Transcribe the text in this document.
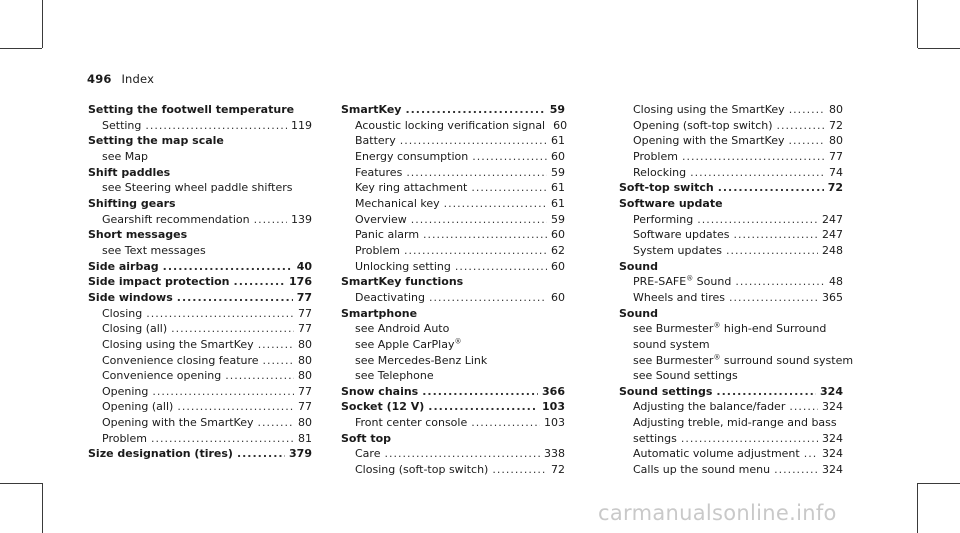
496 Index
Setting the footwell temperature
Setting .....	119
Setting the map scale
see Map
Shift paddles
see Steering wheel paddle shifters
Shifting gears
Gearshift recommendation .....	139
Short messages
see Text messages
Side airbag .....	40
Side impact protection .....	176
Side windows .....	77
Closing .....	77
Closing (all) .....	77
Closing using the SmartKey .....	80
Convenience closing feature .....	80
Convenience opening .....	80
Opening .....	77
Opening (all) .....	77
Opening with the SmartKey .....	80
Problem .....	81
Size designation (tires) .....	379
SmartKey .....	59
Acoustic locking verification signal 60
Battery .....	61
Energy consumption .....	60
Features .....	59
Key ring attachment .....	61
Mechanical key .....	61
Overview .....	59
Panic alarm .....	60
Problem .....	62
Unlocking setting .....	60
SmartKey functions
Deactivating .....	60
Smartphone
see Android Auto
see Apple CarPlay®
see Mercedes-Benz Link
see Telephone
Snow chains .....	366
Socket (12 V) .....	103
Front center console .....	103
Soft top
Care .....	338
Closing (soft-top switch) .....	72
Closing using the SmartKey .....	80
Opening (soft-top switch) .....	72
Opening with the SmartKey .....	80
Problem .....	77
Relocking .....	74
Soft-top switch .....	72
Software update
Performing .....	247
Software updates .....	247
System updates .....	248
Sound
PRE-SAFE® Sound .....	48
Wheels and tires .....	365
Sound
see Burmester® high-end Surround
sound system
see Burmester® surround sound system
see Sound settings
Sound settings .....	324
Adjusting the balance/fader .....	324
Adjusting treble, mid-range and bass
settings .....	324
Automatic volume adjustment ..... 324
Calls up the sound menu .....	324
carmanualsonline.info
